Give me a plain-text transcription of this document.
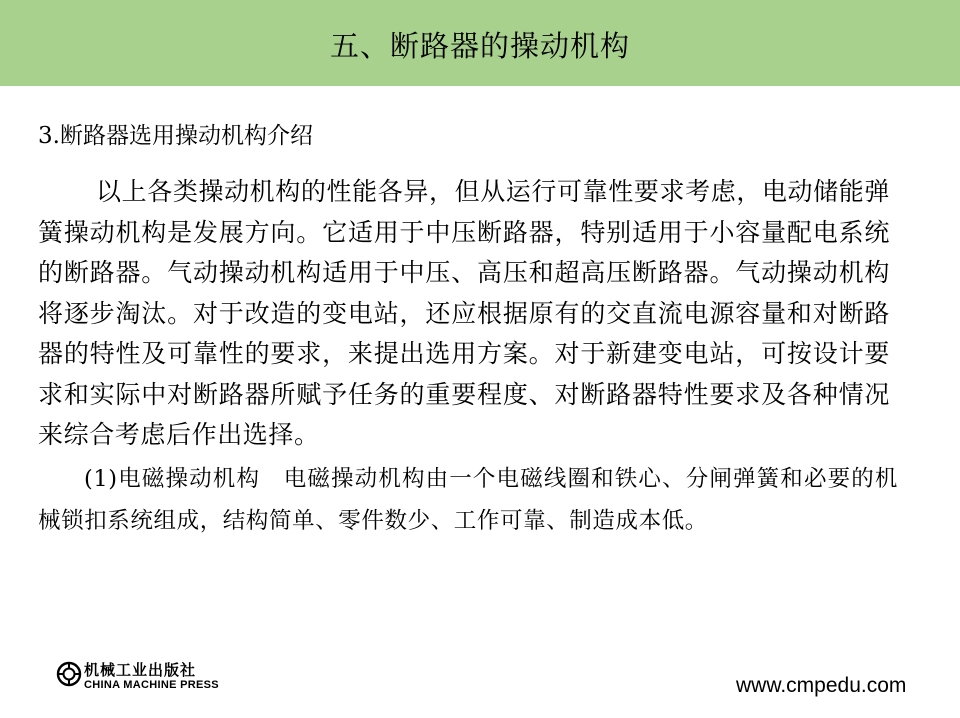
五、断路器的操动机构
3.断路器选用操动机构介绍

以上各类操动机构的性能各异，但从运行可靠性要求考虑，电动储能弹簧操动机构是发展方向。它适用于中压断路器，特别适用于小容量配电系统的断路器。气动操动机构适用于中压、高压和超高压断路器。气动操动机构将逐步淘汰。对于改造的变电站，还应根据原有的交直流电源容量和对断路器的特性及可靠性的要求，来提出选用方案。对于新建变电站，可按设计要求和实际中对断路器所赋予任务的重要程度、对断路器特性要求及各种情况来综合考虑后作出选择。

(1)电磁操动机构　电磁操动机构由一个电磁线圈和铁心、分闸弹簧和必要的机械锁扣系统组成，结构简单、零件数少、工作可靠、制造成本低。

机械工业出版社
CHINA MACHINE PRESS	www.cmpedu.com
